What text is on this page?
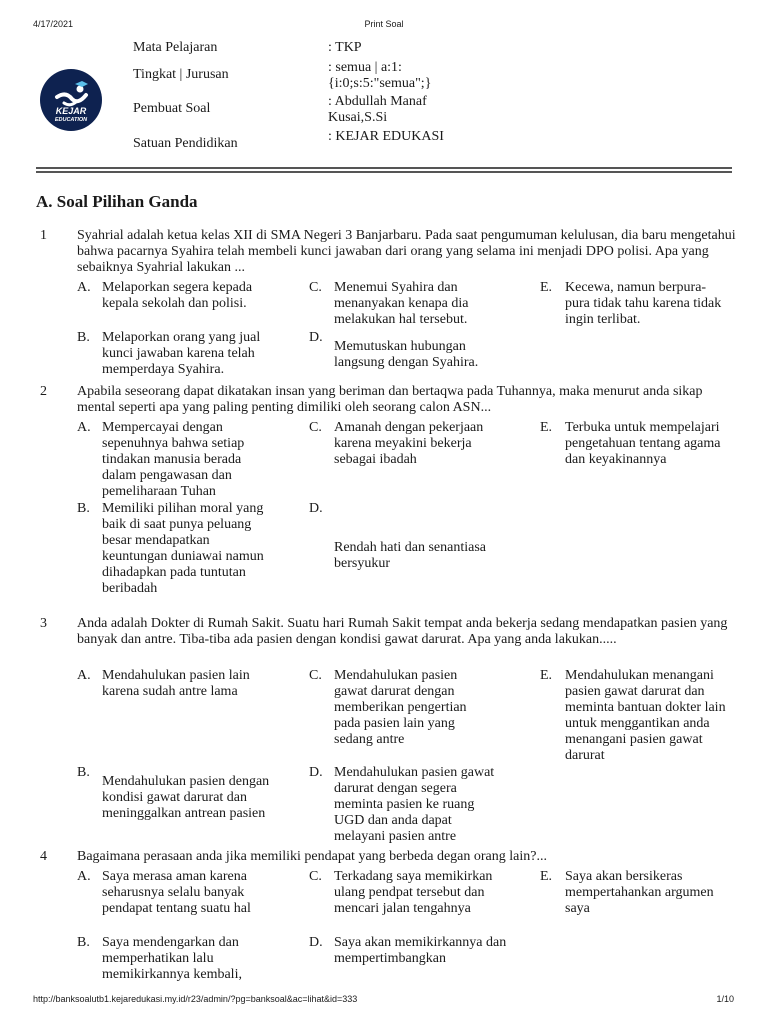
4/17/2021	Print Soal
KEJAR
EDUCATION
Mata Pelajaran	: TKP
Tingkat | Jurusan	: semua | a:1: {i:0;s:5:"semua";}
Pembuat Soal	: Abdullah Manaf Kusai,S.Si
Satuan Pendidikan	: KEJAR EDUKASI
A. Soal Pilihan Ganda
1 Syahrial adalah ketua kelas XII di SMA Negeri 3 Banjarbaru. Pada saat pengumuman kelulusan, dia baru mengetahui bahwa pacarnya Syahira telah membeli kunci jawaban dari orang yang selama ini menjadi DPO polisi. Apa yang sebaiknya Syahrial lakukan ...
A. Melaporkan segera kepada kepala sekolah dan polisi.
B. Melaporkan orang yang jual kunci jawaban karena telah memperdaya Syahira.
C. Menemui Syahira dan menanyakan kenapa dia melakukan hal tersebut.
D.
Memutuskan hubungan langsung dengan Syahira.
E. Kecewa, namun berpura-pura tidak tahu karena tidak ingin terlibat.
2 Apabila seseorang dapat dikatakan insan yang beriman dan bertaqwa pada Tuhannya, maka menurut anda sikap mental seperti apa yang paling penting dimiliki oleh seorang calon ASN...
A. Mempercayai dengan sepenuhnya bahwa setiap tindakan manusia berada dalam pengawasan dan pemeliharaan Tuhan
B. Memiliki pilihan moral yang baik di saat punya peluang besar mendapatkan keuntungan duniawai namun dihadapkan pada tuntutan beribadah
C. Amanah dengan pekerjaan karena meyakini bekerja sebagai ibadah
D.
Rendah hati dan senantiasa bersyukur
E. Terbuka untuk mempelajari pengetahuan tentang agama dan keyakinannya
3 Anda adalah Dokter di Rumah Sakit. Suatu hari Rumah Sakit tempat anda bekerja sedang mendapatkan pasien yang banyak dan antre. Tiba-tiba ada pasien dengan kondisi gawat darurat. Apa yang anda lakukan.....
A. Mendahulukan pasien lain karena sudah antre lama
B.
Mendahulukan pasien dengan kondisi gawat darurat dan meninggalkan antrean pasien
C. Mendahulukan pasien gawat darurat dengan memberikan pengertian pada pasien lain yang sedang antre
D. Mendahulukan pasien gawat darurat dengan segera meminta pasien ke ruang UGD dan anda dapat melayani pasien antre
E. Mendahulukan menangani pasien gawat darurat dan meminta bantuan dokter lain untuk menggantikan anda menangani pasien gawat darurat
4 Bagaimana perasaan anda jika memiliki pendapat yang berbeda degan orang lain?...
A. Saya merasa aman karena seharusnya selalu banyak pendapat tentang suatu hal
B. Saya mendengarkan dan memperhatikan lalu memikirkannya kembali,
C. Terkadang saya memikirkan ulang pendpat tersebut dan mencari jalan tengahnya
D. Saya akan memikirkannya dan mempertimbangkan
E. Saya akan bersikeras mempertahankan argumen saya
http://banksoalutb1.kejaredukasi.my.id/r23/admin/?pg=banksoal&ac=lihat&id=333	1/10
